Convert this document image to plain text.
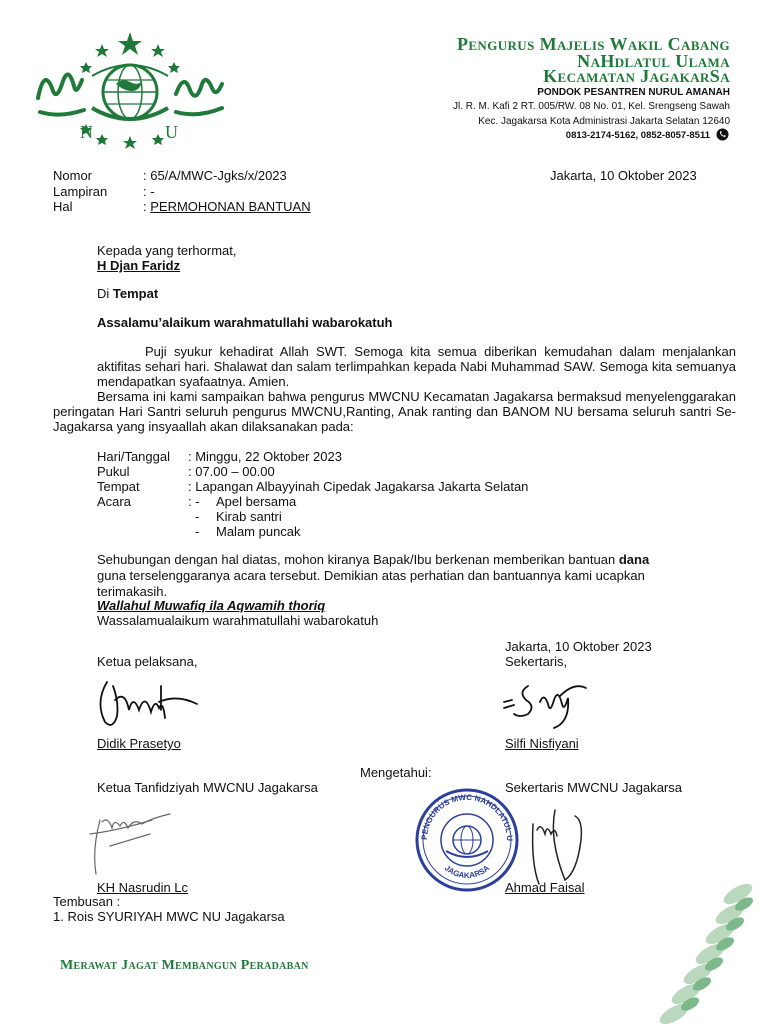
N	U
Pengurus Majelis Wakil Cabang
NaHdlatul Ulama
Kecamatan JagakarSa
PONDOK PESANTREN NURUL AMANAH
Jl. R. M. Kafi 2 RT. 005/RW. 08 No. 01, Kel. Srengseng Sawah
Kec. Jagakarsa Kota Administrasi Jakarta Selatan 12640
0813-2174-5162, 0852-8057-8511
Nomor	: 65/A/MWC-Jgks/x/2023	Jakarta, 10 Oktober 2023
Lampiran	: -
Hal	: PERMOHONAN BANTUAN
Kepada yang terhormat,
H Djan Faridz
Di Tempat
Assalamu’alaikum warahmatullahi wabarokatuh
Puji syukur kehadirat Allah SWT. Semoga kita semua diberikan kemudahan dalam menjalankan aktifitas sehari hari. Shalawat dan salam terlimpahkan kepada Nabi Muhammad SAW. Semoga kita semuanya mendapatkan syafaatnya. Amien.
Bersama ini kami sampaikan bahwa pengurus MWCNU Kecamatan Jagakarsa bermaksud menyelenggarakan peringatan Hari Santri seluruh pengurus MWCNU,Ranting, Anak ranting dan BANOM NU bersama seluruh santri Se-Jagakarsa yang insyaallah akan dilaksanakan pada:
Hari/Tanggal : Minggu, 22 Oktober 2023
Pukul	: 07.00 – 00.00
Tempat	: Lapangan Albayyinah Cipedak Jagakarsa Jakarta Selatan
Acara	: - Apel bersama
- Kirab santri
- Malam puncak
Sehubungan dengan hal diatas, mohon kiranya Bapak/Ibu berkenan memberikan bantuan dana guna terselenggaranya acara tersebut. Demikian atas perhatian dan bantuannya kami ucapkan terimakasih.
Wallahul Muwafiq ila Aqwamih thoriq
Wassalamualaikum warahmatullahi wabarokatuh
Jakarta, 10 Oktober 2023
Ketua pelaksana,	Sekertaris,
Didik Prasetyo	Silfi Nisfiyani
Mengetahui:
Ketua Tanfidziyah MWCNU Jagakarsa	Sekertaris MWCNU Jagakarsa
PENGURUS MWC NAHDLATUL U
JAGAKARSA
KH Nasrudin Lc	Ahmad Faisal
Tembusan :
1. Rois SYURIYAH MWC NU Jagakarsa
Merawat Jagat Membangun Peradaban
